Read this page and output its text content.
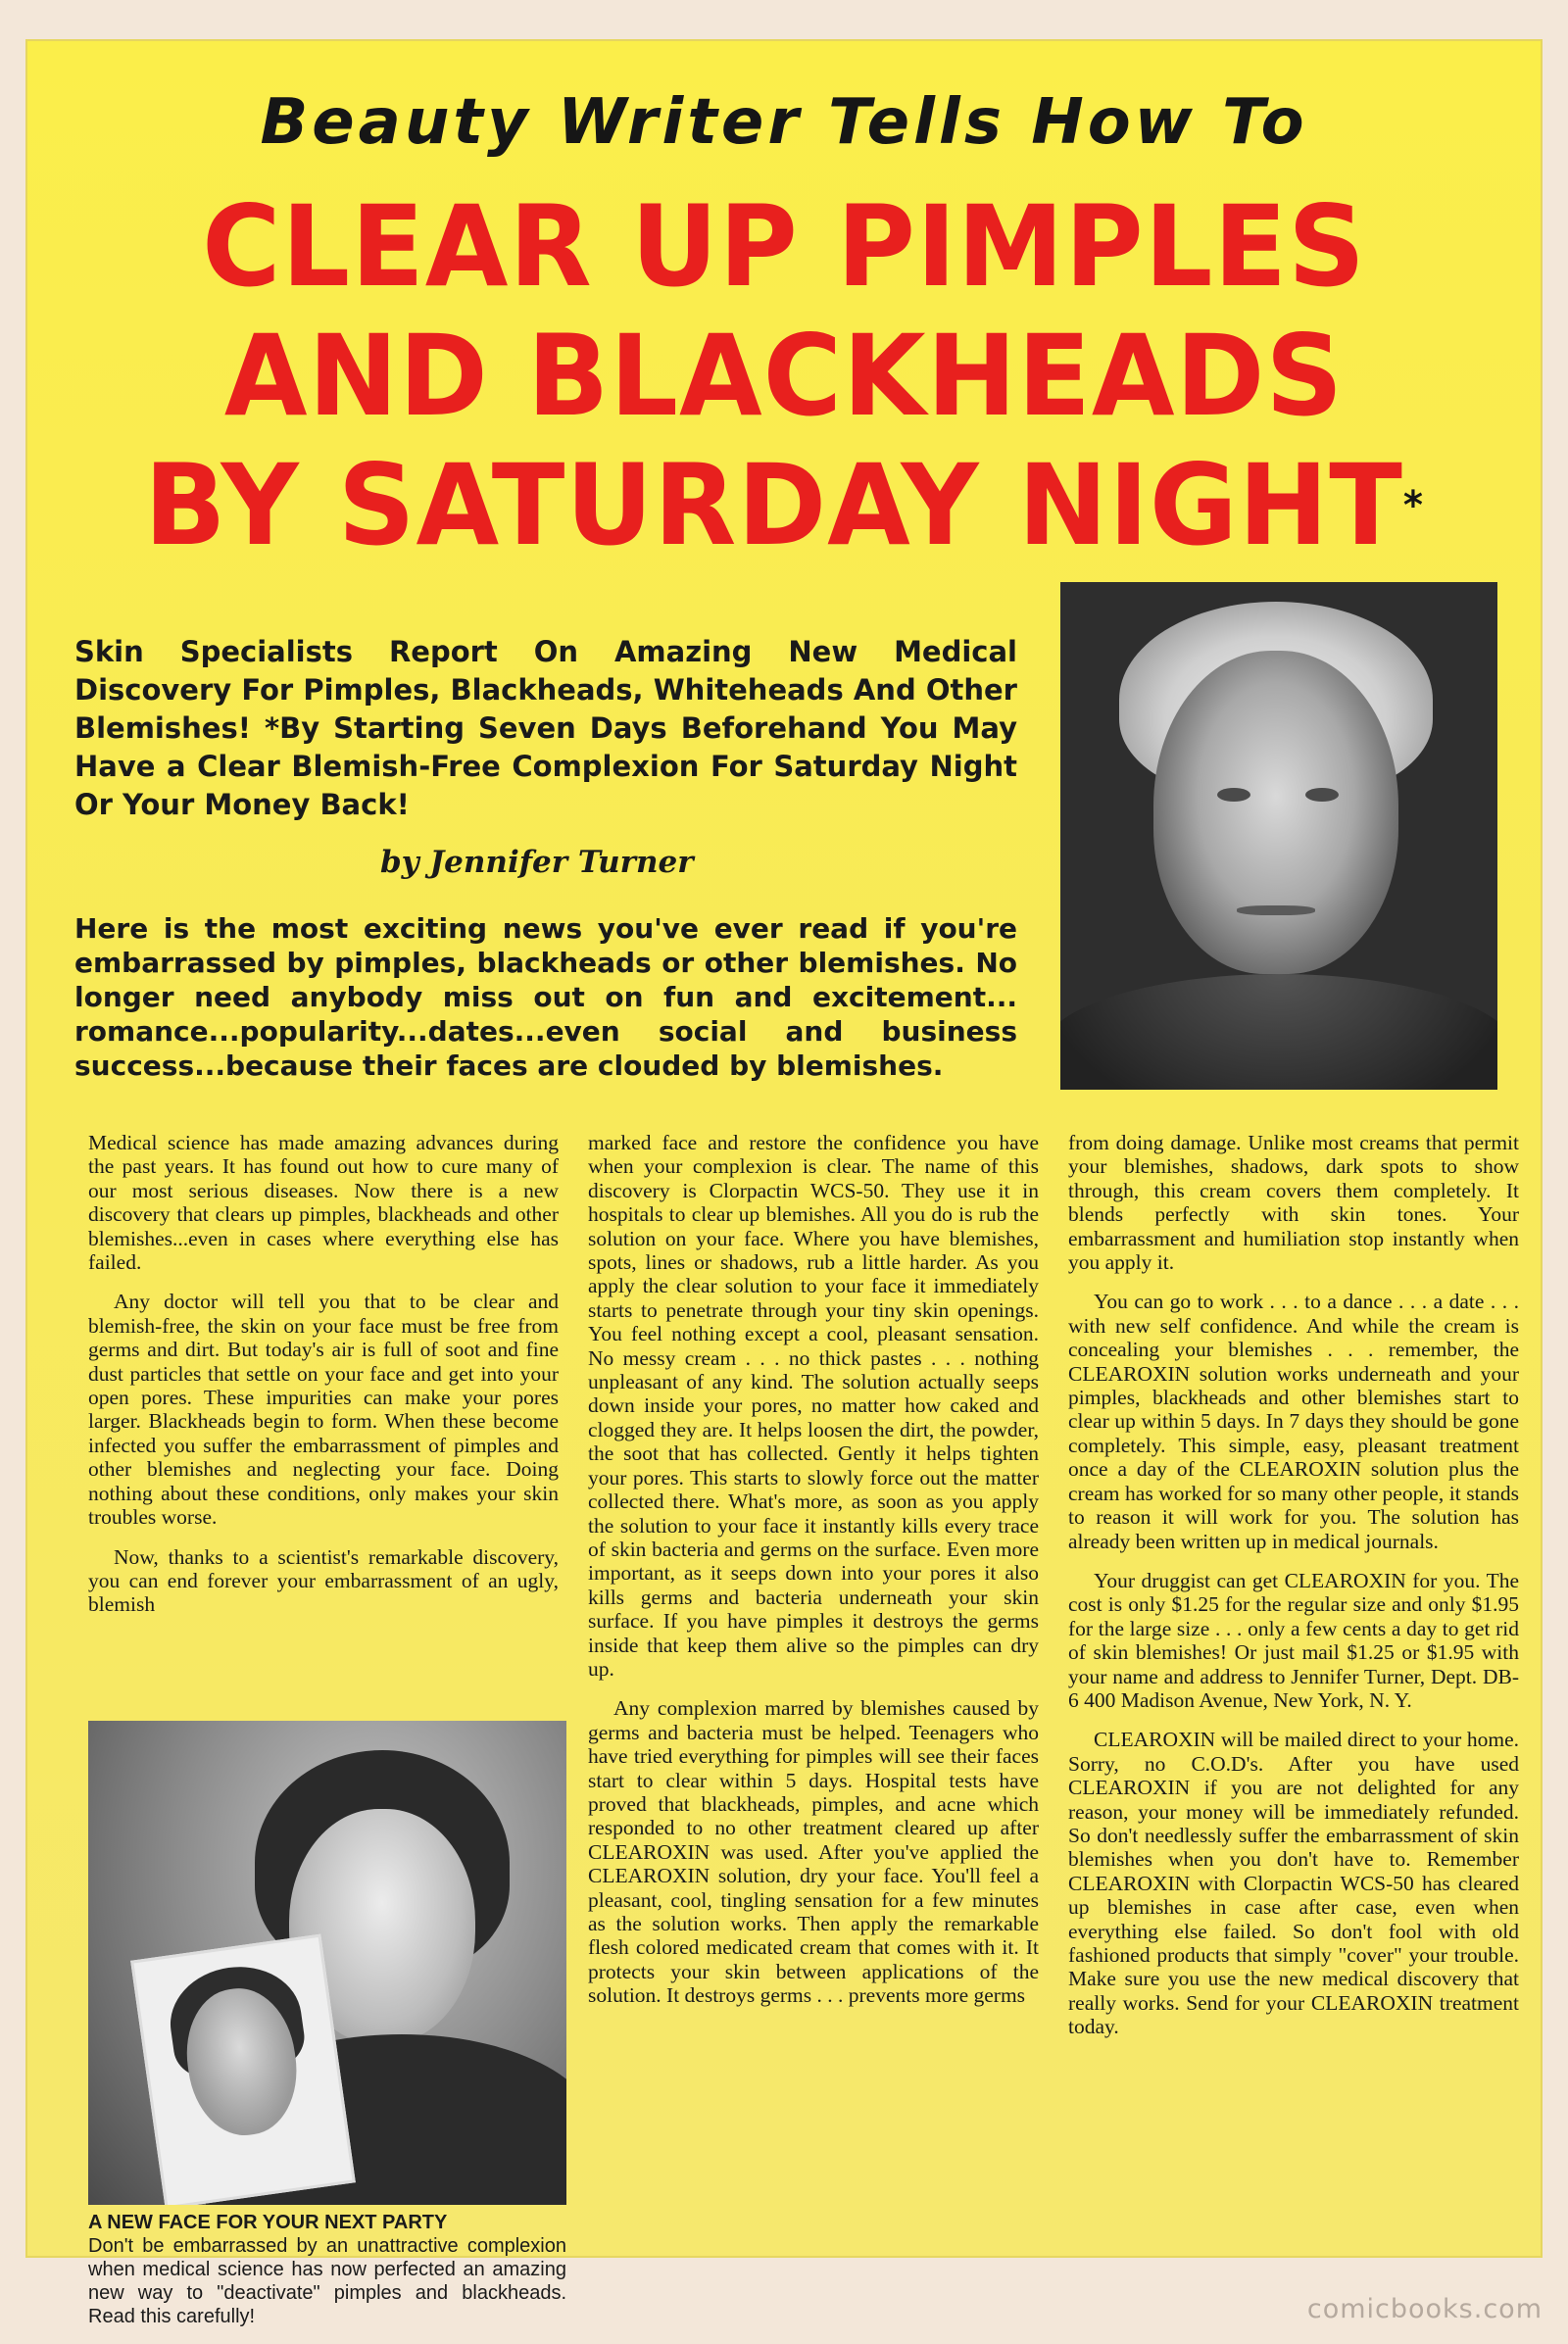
Beauty Writer Tells How To
CLEAR UP PIMPLES
AND BLACKHEADS
BY SATURDAY NIGHT*
Skin Specialists Report On Amazing New Medical Discovery For Pimples, Blackheads, Whiteheads And Other Blemishes! *By Starting Seven Days Beforehand You May Have a Clear Blemish-Free Complexion For Saturday Night Or Your Money Back!
by Jennifer Turner
Here is the most exciting news you've ever read if you're embarrassed by pimples, blackheads or other blemishes. No longer need anybody miss out on fun and excitement... romance...popularity...dates...even social and business success...because their faces are clouded by blemishes.

Medical science has made amazing advances during the past years. It has found out how to cure many of our most serious diseases. Now there is a new discovery that clears up pimples, blackheads and other blemishes...even in cases where everything else has failed.

Any doctor will tell you that to be clear and blemish-free, the skin on your face must be free from germs and dirt. But today's air is full of soot and fine dust particles that settle on your face and get into your open pores. These impurities can make your pores larger. Blackheads begin to form. When these become infected you suffer the embarrassment of pimples and other blemishes and neglecting your face. Doing nothing about these conditions, only makes your skin troubles worse.

Now, thanks to a scientist's remarkable discovery, you can end forever your embarrassment of an ugly, blemish

A NEW FACE FOR YOUR NEXT PARTY
Don't be embarrassed by an unattractive complexion when medical science has now perfected an amazing new way to "deactivate" pimples and blackheads. Read this carefully!

marked face and restore the confidence you have when your complexion is clear. The name of this discovery is Clorpactin WCS-50. They use it in hospitals to clear up blemishes. All you do is rub the solution on your face. Where you have blemishes, spots, lines or shadows, rub a little harder. As you apply the clear solution to your face it immediately starts to penetrate through your tiny skin openings. You feel nothing except a cool, pleasant sensation. No messy cream . . . no thick pastes . . . nothing unpleasant of any kind. The solution actually seeps down inside your pores, no matter how caked and clogged they are. It helps loosen the dirt, the powder, the soot that has collected. Gently it helps tighten your pores. This starts to slowly force out the matter collected there. What's more, as soon as you apply the solution to your face it instantly kills every trace of skin bacteria and germs on the surface. Even more important, as it seeps down into your pores it also kills germs and bacteria underneath your skin surface. If you have pimples it destroys the germs inside that keep them alive so the pimples can dry up.

Any complexion marred by blemishes caused by germs and bacteria must be helped. Teenagers who have tried everything for pimples will see their faces start to clear within 5 days. Hospital tests have proved that blackheads, pimples, and acne which responded to no other treatment cleared up after CLEAROXIN was used. After you've applied the CLEAROXIN solution, dry your face. You'll feel a pleasant, cool, tingling sensation for a few minutes as the solution works. Then apply the remarkable flesh colored medicated cream that comes with it. It protects your skin between applications of the solution. It destroys germs . . . prevents more germs

from doing damage. Unlike most creams that permit your blemishes, shadows, dark spots to show through, this cream covers them completely. It blends perfectly with skin tones. Your embarrassment and humiliation stop instantly when you apply it.

You can go to work . . . to a dance . . . a date . . . with new self confidence. And while the cream is concealing your blemishes . . . remember, the CLEAROXIN solution works underneath and your pimples, blackheads and other blemishes start to clear up within 5 days. In 7 days they should be gone completely. This simple, easy, pleasant treatment once a day of the CLEAROXIN solution plus the cream has worked for so many other people, it stands to reason it will work for you. The solution has already been written up in medical journals.

Your druggist can get CLEAROXIN for you. The cost is only $1.25 for the regular size and only $1.95 for the large size . . . only a few cents a day to get rid of skin blemishes! Or just mail $1.25 or $1.95 with your name and address to Jennifer Turner, Dept. DB-6 400 Madison Avenue, New York, N. Y.

CLEAROXIN will be mailed direct to your home. Sorry, no C.O.D's. After you have used CLEAROXIN if you are not delighted for any reason, your money will be immediately refunded. So don't needlessly suffer the embarrassment of skin blemishes when you don't have to. Remember CLEAROXIN with Clorpactin WCS-50 has cleared up blemishes in case after case, even when everything else failed. So don't fool with old fashioned products that simply "cover" your trouble. Make sure you use the new medical discovery that really works. Send for your CLEAROXIN treatment today.

comicbooks.com
